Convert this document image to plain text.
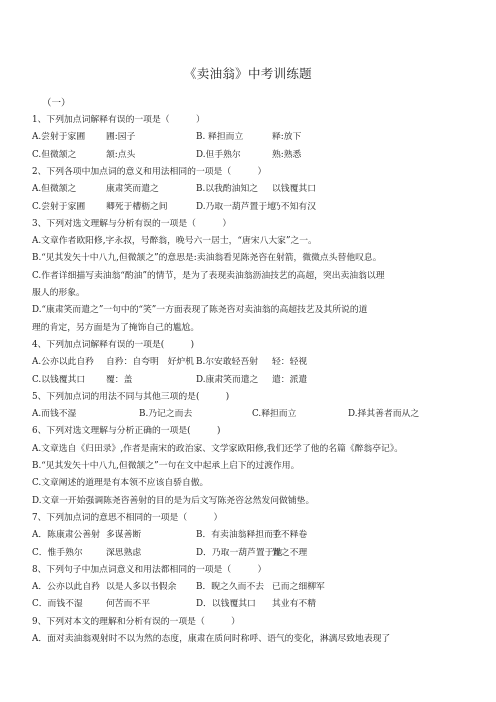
《卖油翁》中考训练题
（一）
1、下列加点词解释有误的一项是（　　　）
A.尝射于家圃 圃:园子	B. 释担而立	释:放下
C.但微颔之	颔:点头	D.但手熟尔	熟:熟悉
2、下列各项中加点词的意义和用法相同的一项是（　　　）
A.但微颔之	康肃笑而遣之	B.以我酌油知之 以钱覆其口
C.尝射于家圃 卿死于槽枥之间	D.乃取一葫芦置于地
乃不知有汉
3、下列对选文理解与分析有误的一项是（　　　）
A.文章作者欧阳修,字永叔，号醉翁，晚号六一居士，“唐宋八大家”之一。
B.“见其发矢十中八九,但微颔之”的意思是:卖油翁看见陈尧咨在射箭，微微点头替他叹息。
C.作者详细描写卖油翁“酌油”的情节，是为了表现卖油翁沥油技艺的高超，突出卖油翁以理
服人的形象。
D.“康肃笑而遣之”一句中的“笑”一方面表现了陈尧咨对卖油翁的高超技艺及其所说的道
理的肯定，另方面是为了掩饰自己的尴尬。
4、下列加点词解释有误的一项是(　　　)
A.公亦以此自矜 自矜：自夸明　好炉机 B.尔安敢轻吾射 轻：轻视
C.以钱覆其口 覆：盖	D.康肃笑而遣之 遣：派遣
5、下列加点词的用法不同与其他三项的是(　　　)
A.而钱不湿	B.乃记之而去	C.释担而立	D.择其善者而从之
6、下列对选文理解与分析正确的一项是(　　　)
A.文章选自《归田录》,作者是南宋的政治家、文学家欧阳修,我们还学了他的名篇《醉翁亭记》。
B.“见其发矢十中八九,但微颔之”一句在文中起承上启下的过渡作用。
C.文章阐述的道理是有本领不应该自骄自傲。
D.文章一开始强调陈尧咨善射的目的是为后文写陈尧咨忿然发问做铺垫。
7、下列加点词的意思不相同的一项是（　　　）
A．陈康肃公善射 多谋善断	B．有卖油翁释担而立
手不释卷
C．惟手熟尔	深思熟虑	D．乃取一葫芦置于地
置之不理
8、下列句子中加点词意义和用法都相同的一项是（　　　）
A．公亦以此自矜 以是人多以书假余 B．睨之久而不去 已而之细柳军
C．而钱不湿	何苦而不平	D．以钱覆其口 其业有不精
9、下列对本文的理解和分析有误的一项是（　　　）
A．面对卖油翁观射时不以为然的态度，康肃在质问时称呼、语气的变化，淋漓尽致地表现了
